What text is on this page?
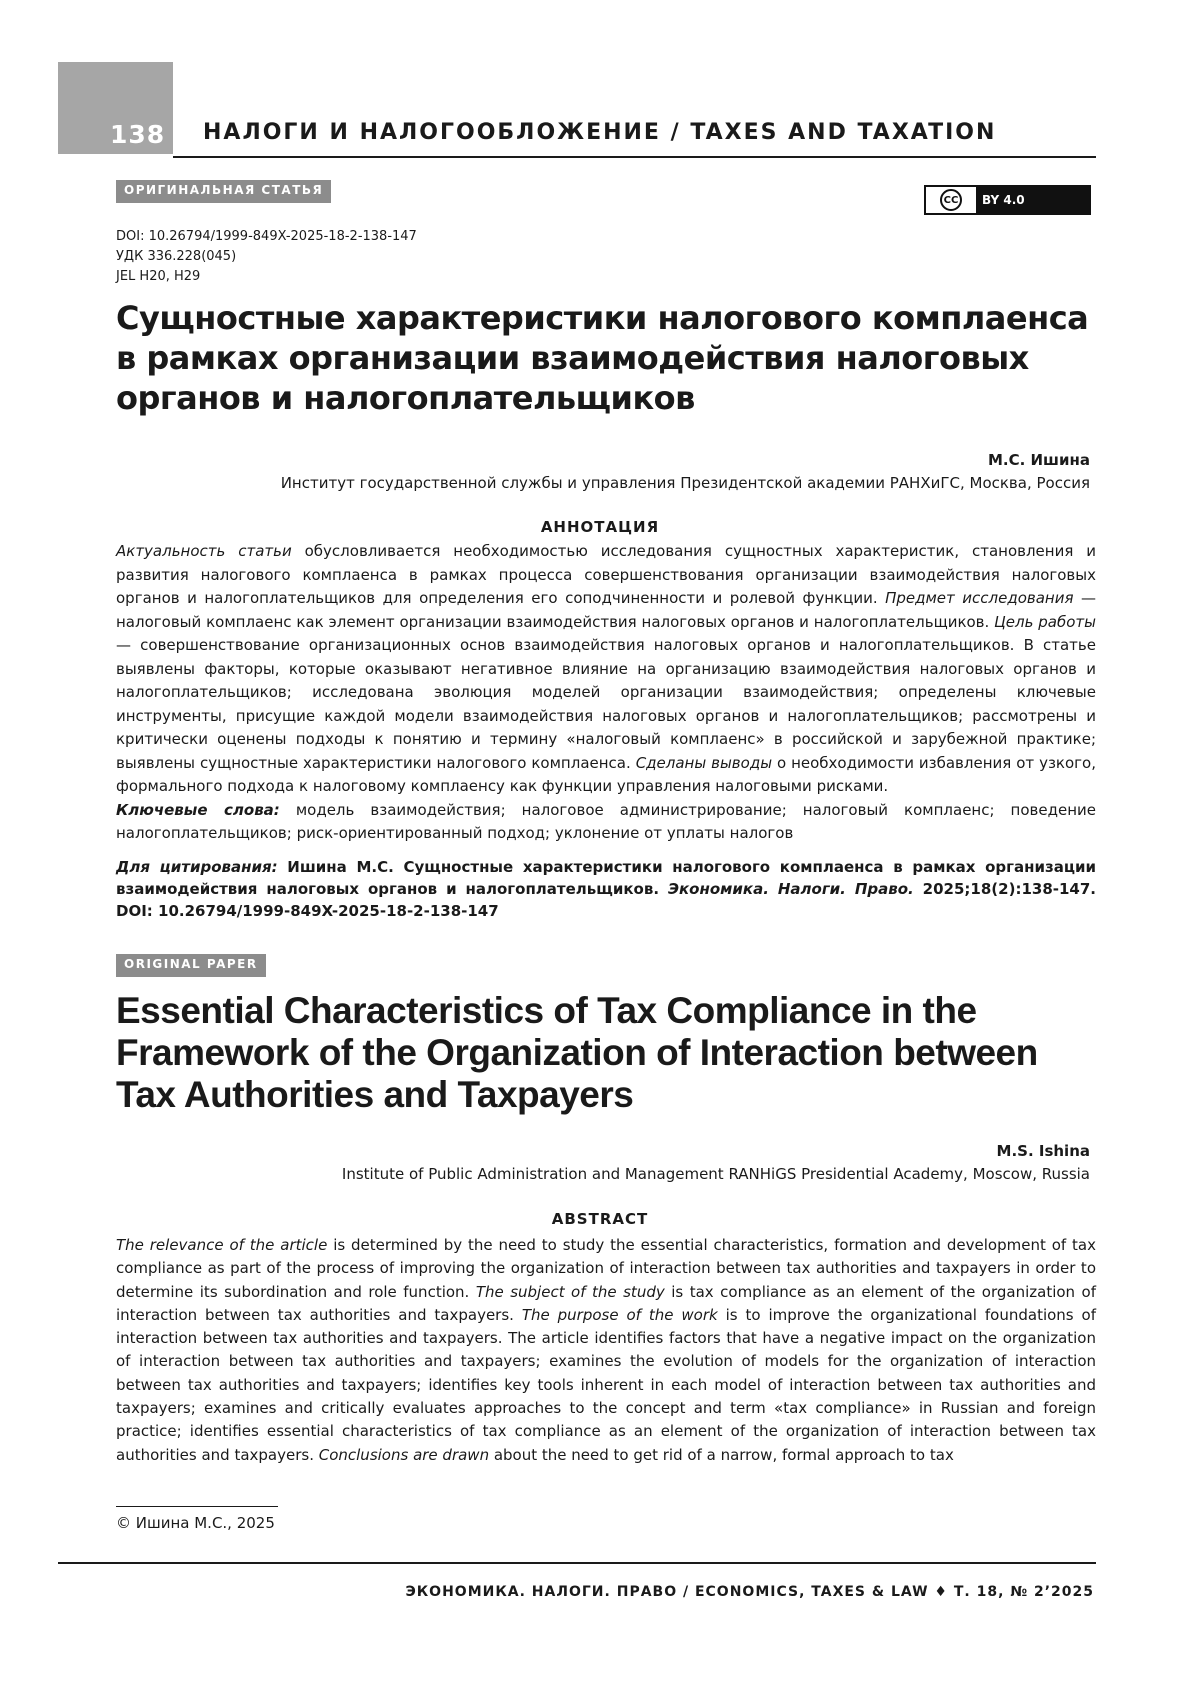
138 НАЛОГИ И НАЛОГООБЛОЖЕНИЕ / TAXES AND TAXATION
ОРИГИНАЛЬНАЯ СТАТЬЯ
CC	BY 4.0
DOI: 10.26794/1999-849X-2025-18-2-138-147
УДК 336.228(045)
JEL H20, H29
Сущностные характеристики налогового комплаенса в рамках организации взаимодействия налоговых органов и налогоплательщиков
М.С. Ишина
Институт государственной службы и управления Президентской академии РАНХиГС, Москва, Россия
АННОТАЦИЯ
Актуальность статьи обусловливается необходимостью исследования сущностных характеристик, становления и развития налогового комплаенса в рамках процесса совершенствования организации взаимодействия налоговых органов и налогоплательщиков для определения его соподчиненности и ролевой функции. Предмет исследования — налоговый комплаенс как элемент организации взаимодействия налоговых органов и налогоплательщиков. Цель работы — совершенствование организационных основ взаимодействия налоговых органов и налогоплательщиков. В статье выявлены факторы, которые оказывают негативное влияние на организацию взаимодействия налоговых органов и налогоплательщиков; исследована эволюция моделей организации взаимодействия; определены ключевые инструменты, присущие каждой модели взаимодействия налоговых органов и налогоплательщиков; рассмотрены и критически оценены подходы к понятию и термину «налоговый комплаенс» в российской и зарубежной практике; выявлены сущностные характеристики налогового комплаенса. Сделаны выводы о необходимости избавления от узкого, формального подхода к налоговому комплаенсу как функции управления налоговыми рисками.
Ключевые слова: модель взаимодействия; налоговое администрирование; налоговый комплаенс; поведение налогоплательщиков; риск-ориентированный подход; уклонение от уплаты налогов
Для цитирования: Ишина М.С. Сущностные характеристики налогового комплаенса в рамках организации взаимодействия налоговых органов и налогоплательщиков. Экономика. Налоги. Право. 2025;18(2):138-147. DOI: 10.26794/1999-849X-2025-18-2-138-147
ORIGINAL PAPER
Essential Characteristics of Tax Compliance in the Framework of the Organization of Interaction between Tax Authorities and Taxpayers
M.S. Ishina
Institute of Public Administration and Management RANHiGS Presidential Academy, Moscow, Russia
ABSTRACT
The relevance of the article is determined by the need to study the essential characteristics, formation and development of tax compliance as part of the process of improving the organization of interaction between tax authorities and taxpayers in order to determine its subordination and role function. The subject of the study is tax compliance as an element of the organization of interaction between tax authorities and taxpayers. The purpose of the work is to improve the organizational foundations of interaction between tax authorities and taxpayers. The article identifies factors that have a negative impact on the organization of interaction between tax authorities and taxpayers; examines the evolution of models for the organization of interaction between tax authorities and taxpayers; identifies key tools inherent in each model of interaction between tax authorities and taxpayers; examines and critically evaluates approaches to the concept and term «tax compliance» in Russian and foreign practice; identifies essential characteristics of tax compliance as an element of the organization of interaction between tax authorities and taxpayers. Conclusions are drawn about the need to get rid of a narrow, formal approach to tax
© Ишина М.С., 2025
ЭКОНОМИКА. НАЛОГИ. ПРАВО / ECONOMICS, TAXES & LAW ♦ Т. 18, № 2’2025
